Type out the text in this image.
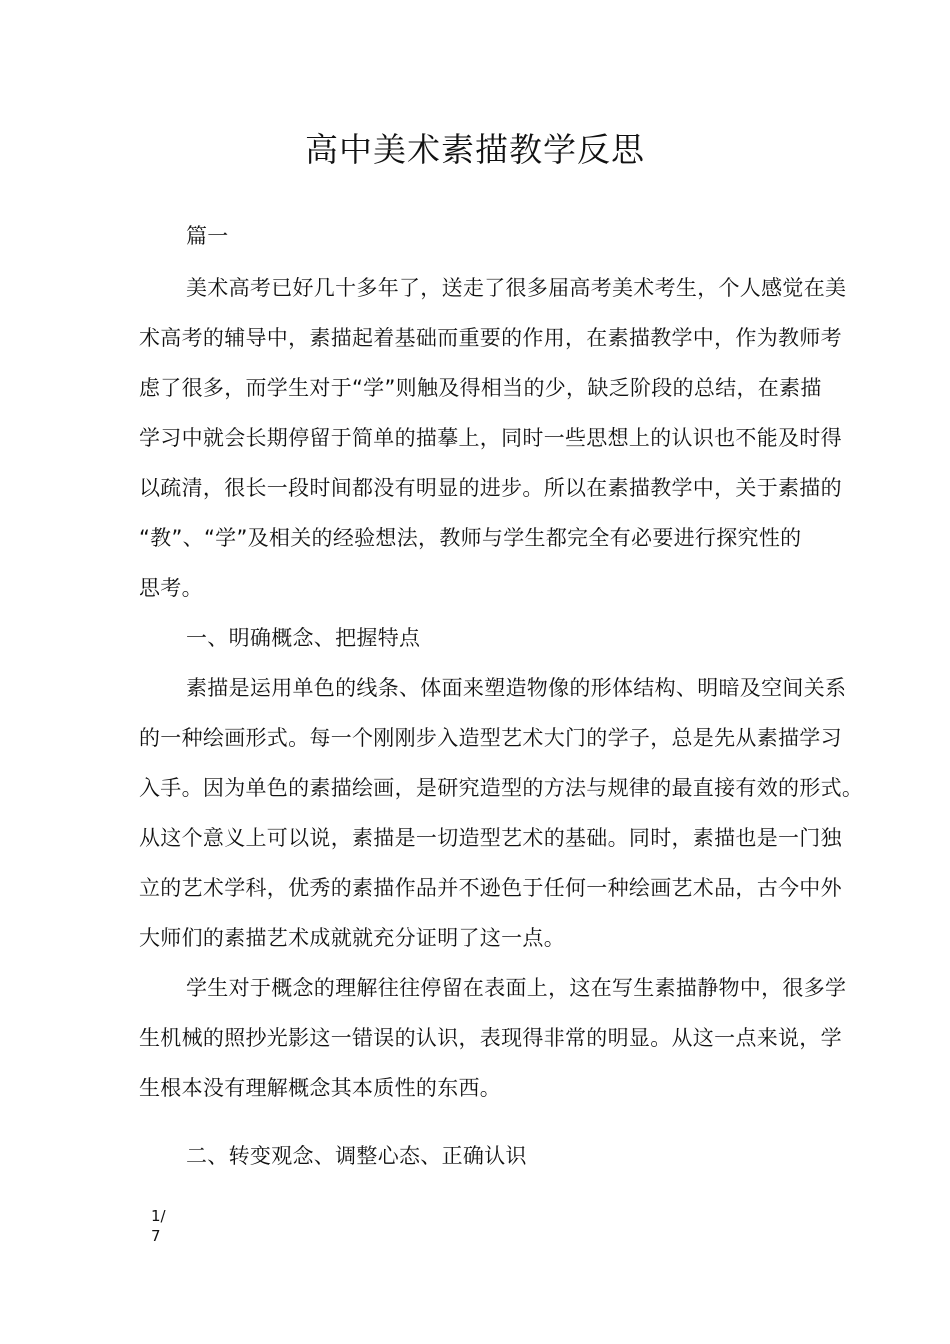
高中美术素描教学反思
篇一
美术高考已好几十多年了，送走了很多届高考美术考生，个人感觉在美
术高考的辅导中，素描起着基础而重要的作用，在素描教学中，作为教师考
虑了很多，而学生对于“学”则触及得相当的少，缺乏阶段的总结，在素描
学习中就会长期停留于简单的描摹上，同时一些思想上的认识也不能及时得
以疏清，很长一段时间都没有明显的进步。所以在素描教学中，关于素描的
“教”、“学”及相关的经验想法，教师与学生都完全有必要进行探究性的
思考。
一、明确概念、把握特点
素描是运用单色的线条、体面来塑造物像的形体结构、明暗及空间关系
的一种绘画形式。每一个刚刚步入造型艺术大门的学子，总是先从素描学习
入手。因为单色的素描绘画，是研究造型的方法与规律的最直接有效的形式。
从这个意义上可以说，素描是一切造型艺术的基础。同时，素描也是一门独
立的艺术学科，优秀的素描作品并不逊色于任何一种绘画艺术品，古今中外
大师们的素描艺术成就就充分证明了这一点。
学生对于概念的理解往往停留在表面上，这在写生素描静物中，很多学
生机械的照抄光影这一错误的认识，表现得非常的明显。从这一点来说，学
生根本没有理解概念其本质性的东西。
二、转变观念、调整心态、正确认识
1/
7
